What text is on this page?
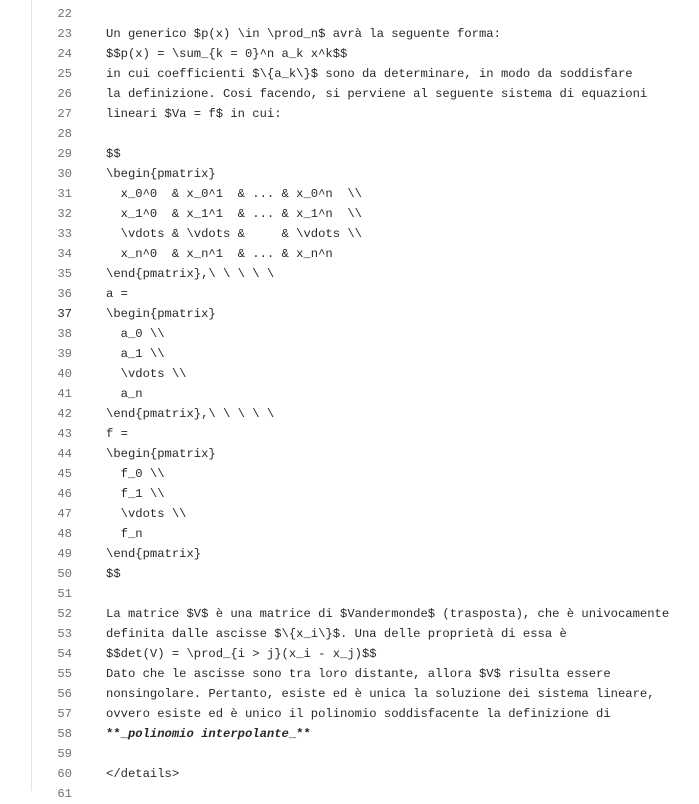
22
23	Un generico $p(x) \in \prod_n$ avrà la seguente forma:
24	$$p(x) = \sum_{k = 0}^n a_k x^k$$
25	in cui coefficienti $\{a_k\}$ sono da determinare, in modo da soddisfare
26	la definizione. Cosi facendo, si perviene al seguente sistema di equazioni
27	lineari $Va = f$ in cui:
28
29	$$
30	\begin{pmatrix}
31	x_0^0  & x_0^1  & ... & x_0^n  \\
32	x_1^0  & x_1^1  & ... & x_1^n  \\
33	\vdots & \vdots &     & \vdots \\
34	x_n^0  & x_n^1  & ... & x_n^n
35	\end{pmatrix},\ \ \ \ \
36	a =
37	\begin{pmatrix}
38	a_0 \\
39	a_1 \\
40	\vdots \\
41	a_n
42	\end{pmatrix},\ \ \ \ \
43	f =
44	\begin{pmatrix}
45	f_0 \\
46	f_1 \\
47	\vdots \\
48	f_n
49	\end{pmatrix}
50	$$
51
52	La matrice $V$ è una matrice di $Vandermonde$ (trasposta), che è univocamente
53	definita dalle ascisse $\{x_i\}$. Una delle proprietà di essa è
54	$$det(V) = \prod_{i > j}(x_i - x_j)$$
55	Dato che le ascisse sono tra loro distante, allora $V$ risulta essere
56	nonsingolare. Pertanto, esiste ed è unica la soluzione dei sistema lineare,
57	ovvero esiste ed è unico il polinomio soddisfacente la definizione di
58	**_polinomio interpolante_**
59
60	</details>
61
